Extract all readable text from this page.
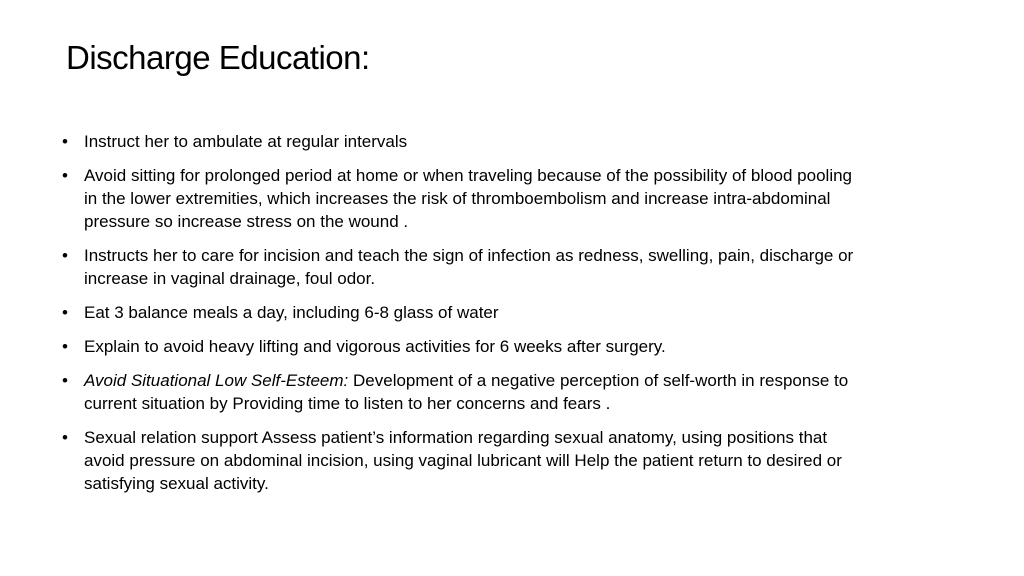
Discharge Education:
• Instruct her to ambulate at regular intervals
• Avoid sitting for prolonged period at home or when traveling because of the possibility of blood pooling in the lower extremities, which increases the risk of thromboembolism and increase intra-abdominal pressure so increase stress on the wound .
• Instructs her to care for incision and teach the sign of infection as redness, swelling, pain, discharge or increase in vaginal drainage, foul odor.
• Eat 3 balance meals a day, including 6-8 glass of water
• Explain to avoid heavy lifting and vigorous activities for 6 weeks after surgery.
• Avoid Situational Low Self-Esteem: Development of a negative perception of self-worth in response to current situation by Providing time to listen to her concerns and fears .
• Sexual relation support Assess patient’s information regarding sexual anatomy, using positions that avoid pressure on abdominal incision, using vaginal lubricant will Help the patient return to desired or satisfying sexual activity.
